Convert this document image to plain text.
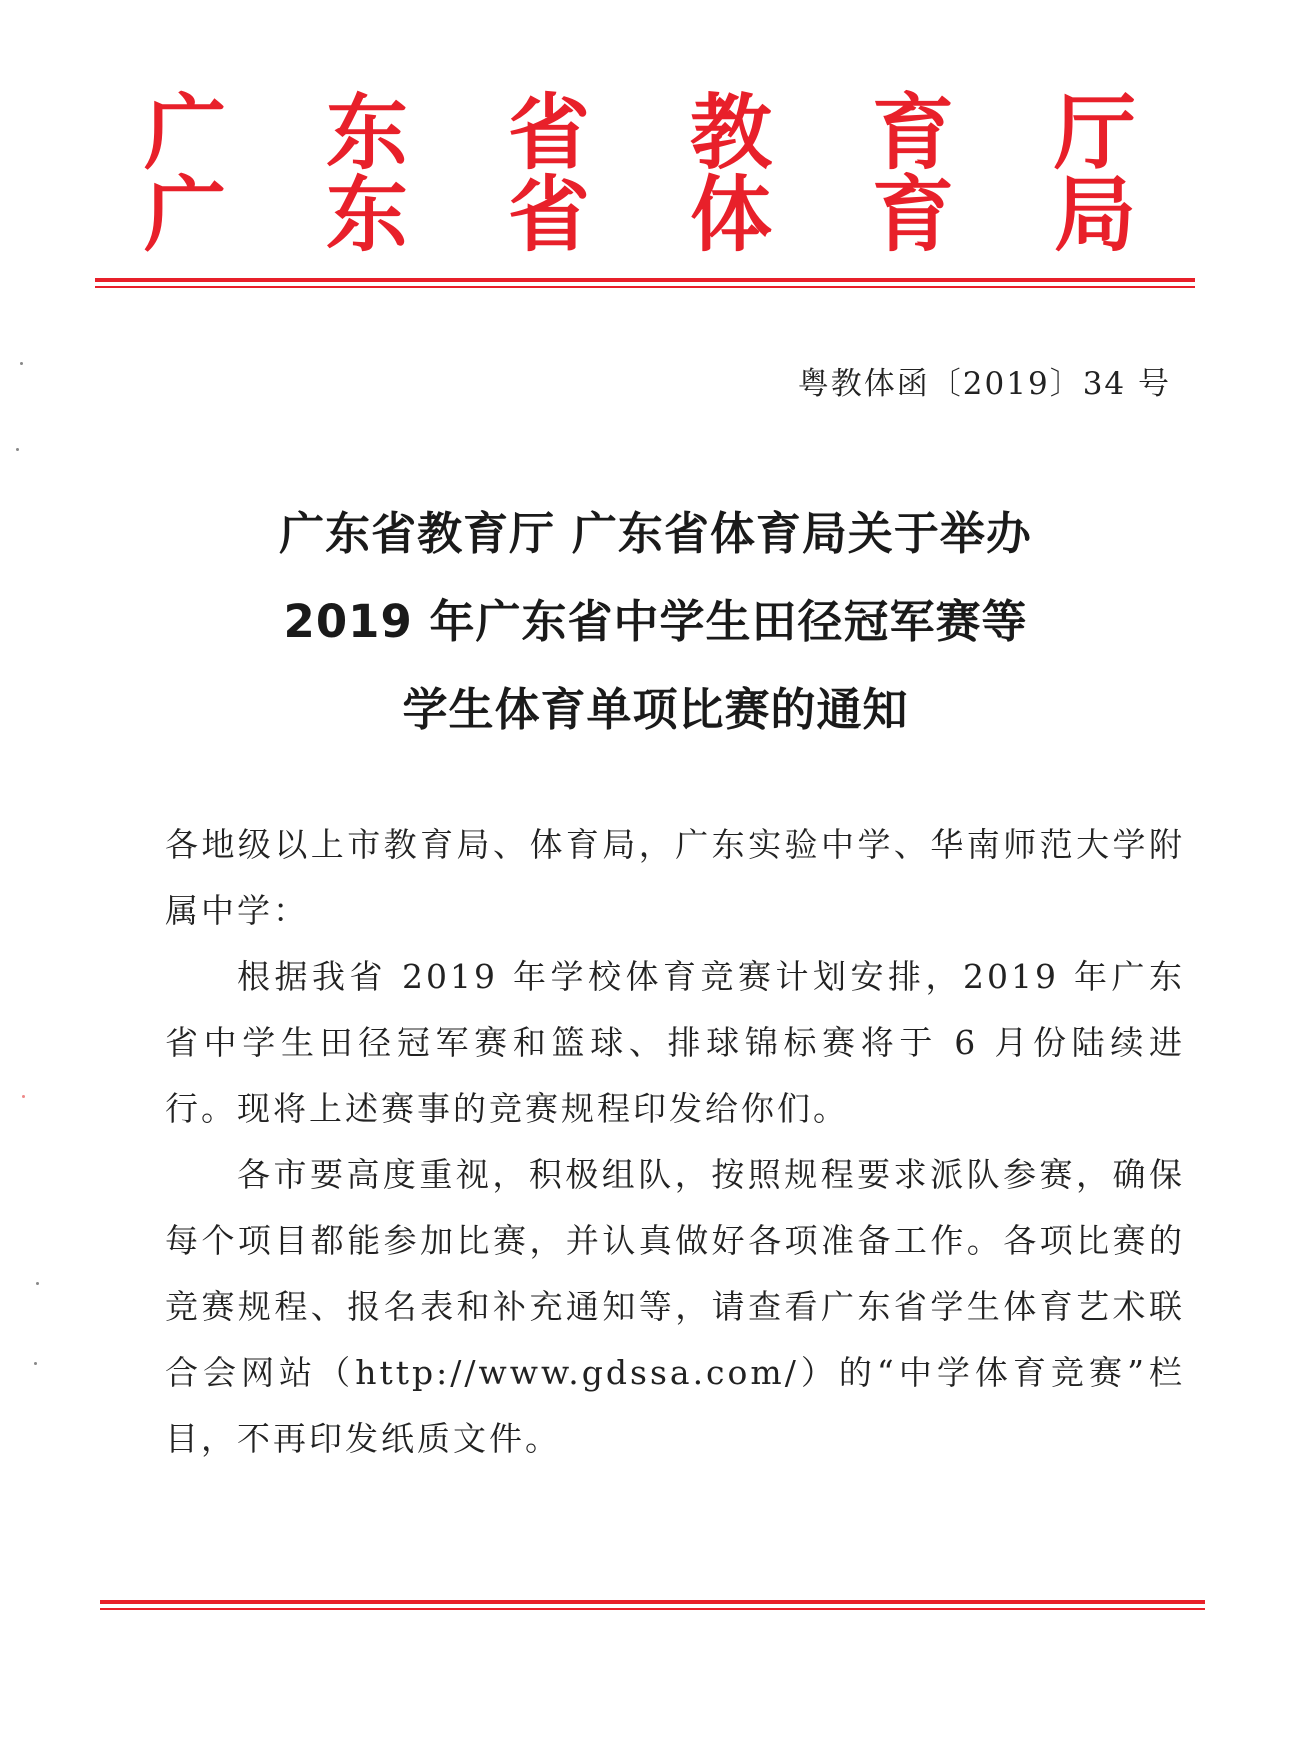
广 东 省 教 育 厅
广 东 省 体 育 局
粤教体函〔2019〕34 号
广东省教育厅 广东省体育局关于举办
2019 年广东省中学生田径冠军赛等
学生体育单项比赛的通知

各地级以上市教育局、体育局，广东实验中学、华南师范大学附属中学：

根据我省 2019 年学校体育竞赛计划安排，2019 年广东省中学生田径冠军赛和篮球、排球锦标赛将于 6 月份陆续进行。现将上述赛事的竞赛规程印发给你们。

各市要高度重视，积极组队，按照规程要求派队参赛，确保每个项目都能参加比赛，并认真做好各项准备工作。各项比赛的竞赛规程、报名表和补充通知等，请查看广东省学生体育艺术联合会网站（http://www.gdssa.com/）的“中学体育竞赛”栏目，不再印发纸质文件。
